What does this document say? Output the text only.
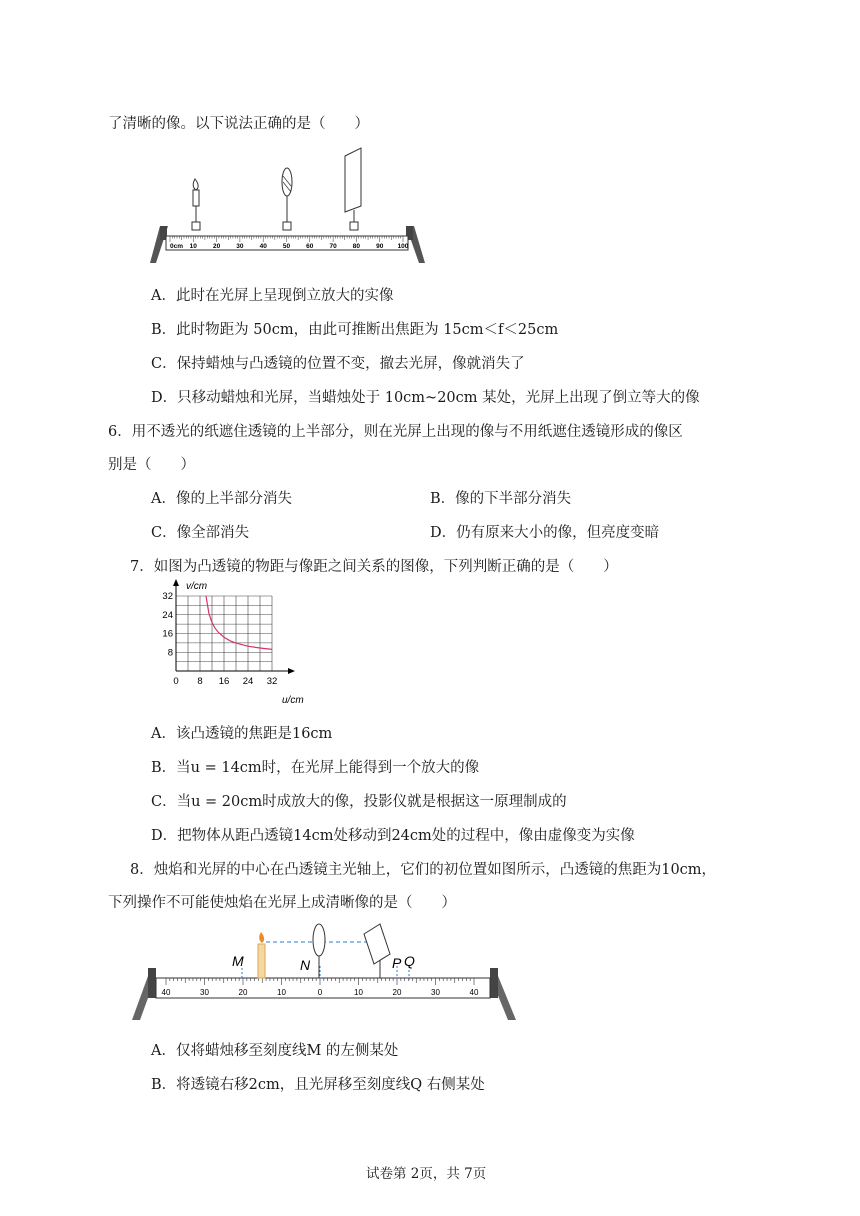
了清晰的像。以下说法正确的是（　　）
0cm 10 20 30 40 50 60 70 80 90 100
A．此时在光屏上呈现倒立放大的实像
B．此时物距为 50cm，由此可推断出焦距为 15cm＜f＜25cm
C．保持蜡烛与凸透镜的位置不变，撤去光屏，像就消失了
D．只移动蜡烛和光屏，当蜡烛处于 10cm~20cm 某处，光屏上出现了倒立等大的像
6．用不透光的纸遮住透镜的上半部分，则在光屏上出现的像与不用纸遮住透镜形成的像区
别是（　　）
A．像的上半部分消失	B．像的下半部分消失
C．像全部消失	D．仍有原来大小的像，但亮度变暗
7．如图为凸透镜的物距与像距之间关系的图像，下列判断正确的是（　　）
0 8 16 24 32
8
16
24
32
v/cm
u/cm
A．该凸透镜的焦距是16cm
B．当u = 14cm时，在光屏上能得到一个放大的像
C．当u = 20cm时成放大的像，投影仪就是根据这一原理制成的
D．把物体从距凸透镜14cm处移动到24cm处的过程中，像由虚像变为实像
8．烛焰和光屏的中心在凸透镜主光轴上，它们的初位置如图所示，凸透镜的焦距为10cm，
下列操作不可能使烛焰在光屏上成清晰像的是（　　）
40	30	20	10	0	10	20	30	40
M	N	P Q
A．仅将蜡烛移至刻度线M 的左侧某处
B．将透镜右移2cm，且光屏移至刻度线Q 右侧某处
试卷第 2页，共 7页
